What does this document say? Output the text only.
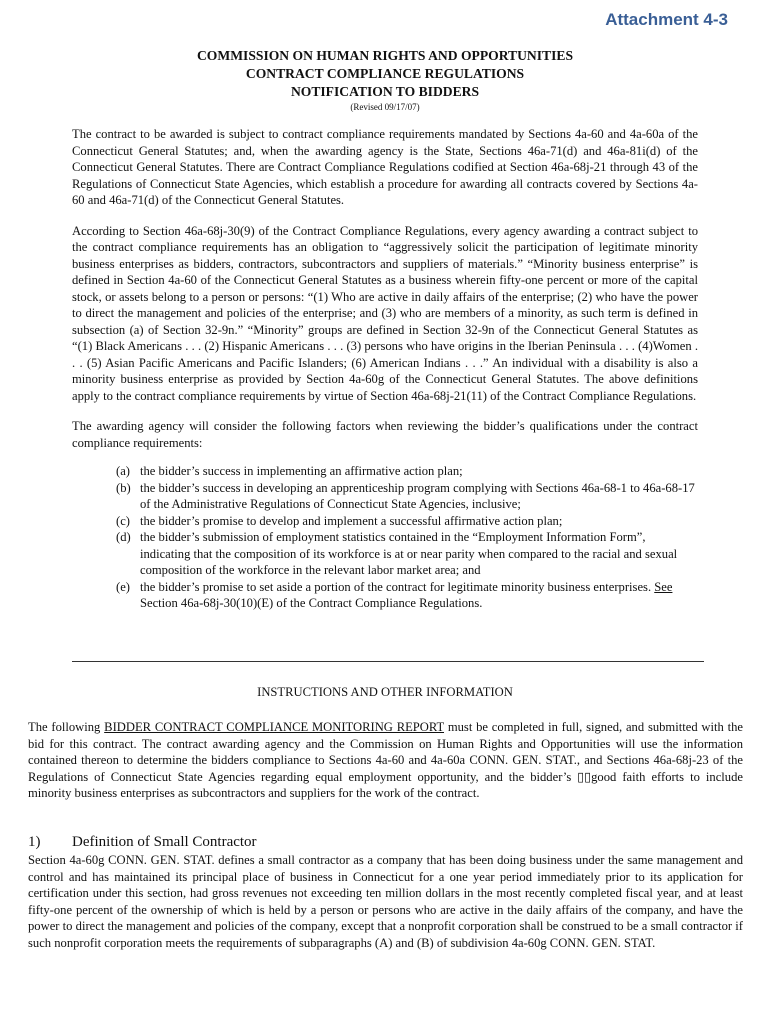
Attachment 4-3
COMMISSION ON HUMAN RIGHTS AND OPPORTUNITIES
CONTRACT COMPLIANCE REGULATIONS
NOTIFICATION TO BIDDERS
(Revised 09/17/07)

The contract to be awarded is subject to contract compliance requirements mandated by Sections 4a-60 and 4a-60a of the Connecticut General Statutes; and, when the awarding agency is the State, Sections 46a-71(d) and 46a-81i(d) of the Connecticut General Statutes. There are Contract Compliance Regulations codified at Section 46a-68j-21 through 43 of the Regulations of Connecticut State Agencies, which establish a procedure for awarding all contracts covered by Sections 4a-60 and 46a-71(d) of the Connecticut General Statutes.

According to Section 46a-68j-30(9) of the Contract Compliance Regulations, every agency awarding a contract subject to the contract compliance requirements has an obligation to “aggressively solicit the participation of legitimate minority business enterprises as bidders, contractors, subcontractors and suppliers of materials.” “Minority business enterprise” is defined in Section 4a-60 of the Connecticut General Statutes as a business wherein fifty-one percent or more of the capital stock, or assets belong to a person or persons: “(1) Who are active in daily affairs of the enterprise; (2) who have the power to direct the management and policies of the enterprise; and (3) who are members of a minority, as such term is defined in subsection (a) of Section 32-9n.” “Minority” groups are defined in Section 32-9n of the Connecticut General Statutes as “(1) Black Americans . . . (2) Hispanic Americans . . . (3) persons who have origins in the Iberian Peninsula . . . (4)Women . . . (5) Asian Pacific Americans and Pacific Islanders; (6) American Indians . . .” An individual with a disability is also a minority business enterprise as provided by Section 4a-60g of the Connecticut General Statutes. The above definitions apply to the contract compliance requirements by virtue of Section 46a-68j-21(11) of the Contract Compliance Regulations.

The awarding agency will consider the following factors when reviewing the bidder’s qualifications under the contract compliance requirements:

(a) the bidder’s success in implementing an affirmative action plan;
(b) the bidder’s success in developing an apprenticeship program complying with Sections 46a-68-1 to 46a-68-17 of the Administrative Regulations of Connecticut State Agencies, inclusive;
(c) the bidder’s promise to develop and implement a successful affirmative action plan;
(d) the bidder’s submission of employment statistics contained in the “Employment Information Form”, indicating that the composition of its workforce is at or near parity when compared to the racial and sexual composition of the workforce in the relevant labor market area; and
(e) the bidder’s promise to set aside a portion of the contract for legitimate minority business enterprises. See Section 46a-68j-30(10)(E) of the Contract Compliance Regulations.
INSTRUCTIONS AND OTHER INFORMATION
The following BIDDER CONTRACT COMPLIANCE MONITORING REPORT must be completed in full, signed, and submitted with the bid for this contract. The contract awarding agency and the Commission on Human Rights and Opportunities will use the information contained thereon to determine the bidders compliance to Sections 4a-60 and 4a-60a CONN. GEN. STAT., and Sections 46a-68j-23 of the Regulations of Connecticut State Agencies regarding equal employment opportunity, and the bidder’s ▯▯good faith efforts to include minority business enterprises as subcontractors and suppliers for the work of the contract.
1)	Definition of Small Contractor
Section 4a-60g CONN. GEN. STAT. defines a small contractor as a company that has been doing business under the same management and control and has maintained its principal place of business in Connecticut for a one year period immediately prior to its application for certification under this section, had gross revenues not exceeding ten million dollars in the most recently completed fiscal year, and at least fifty-one percent of the ownership of which is held by a person or persons who are active in the daily affairs of the company, and have the power to direct the management and policies of the company, except that a nonprofit corporation shall be construed to be a small contractor if such nonprofit corporation meets the requirements of subparagraphs (A) and (B) of subdivision 4a-60g CONN. GEN. STAT.
